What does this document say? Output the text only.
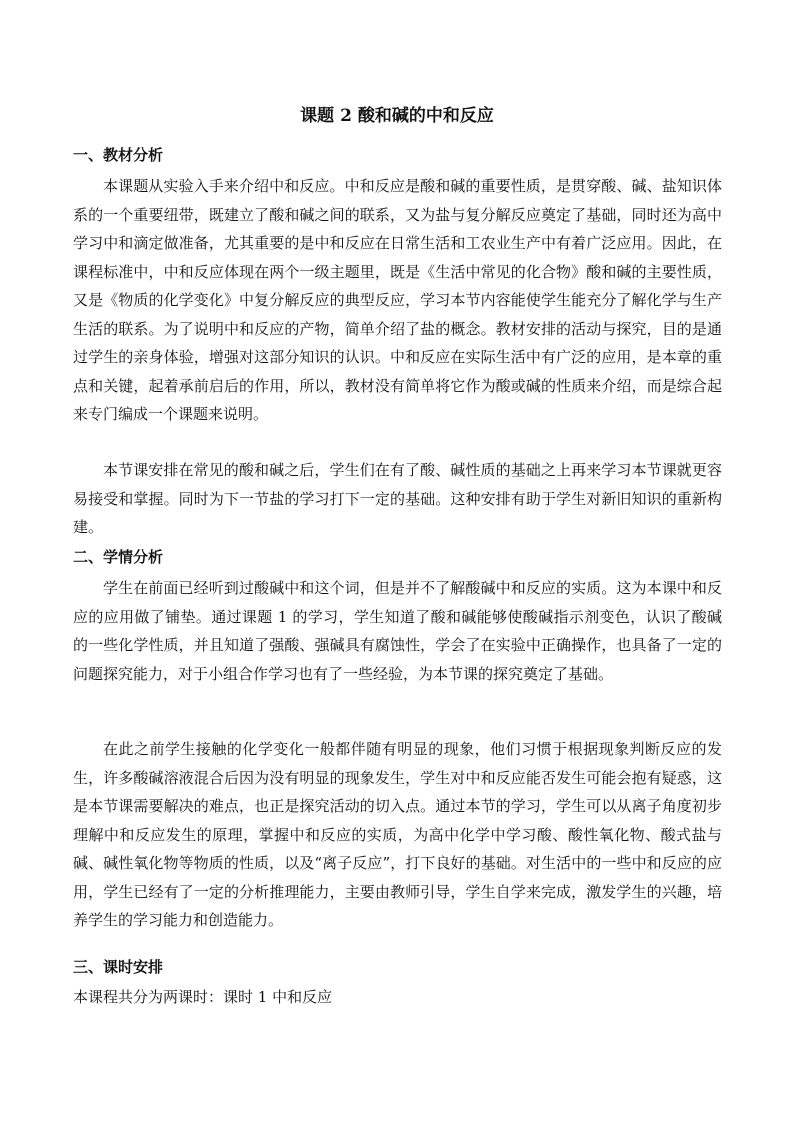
课题 2 酸和碱的中和反应
一、教材分析

本课题从实验入手来介绍中和反应。中和反应是酸和碱的重要性质，是贯穿酸、碱、盐知识体系的一个重要纽带，既建立了酸和碱之间的联系，又为盐与复分解反应奠定了基础，同时还为高中学习中和滴定做准备，尤其重要的是中和反应在日常生活和工农业生产中有着广泛应用。因此，在课程标准中，中和反应体现在两个一级主题里，既是《生活中常见的化合物》酸和碱的主要性质，又是《物质的化学变化》中复分解反应的典型反应，学习本节内容能使学生能充分了解化学与生产生活的联系。为了说明中和反应的产物，简单介绍了盐的概念。教材安排的活动与探究，目的是通过学生的亲身体验，增强对这部分知识的认识。中和反应在实际生活中有广泛的应用，是本章的重点和关键，起着承前启后的作用，所以，教材没有简单将它作为酸或碱的性质来介绍，而是综合起来专门编成一个课题来说明。

本节课安排在常见的酸和碱之后，学生们在有了酸、碱性质的基础之上再来学习本节课就更容易接受和掌握。同时为下一节盐的学习打下一定的基础。这种安排有助于学生对新旧知识的重新构建。

二、学情分析

学生在前面已经听到过酸碱中和这个词，但是并不了解酸碱中和反应的实质。这为本课中和反应的应用做了铺垫。通过课题 1 的学习，学生知道了酸和碱能够使酸碱指示剂变色，认识了酸碱的一些化学性质，并且知道了强酸、强碱具有腐蚀性，学会了在实验中正确操作，也具备了一定的问题探究能力，对于小组合作学习也有了一些经验，为本节课的探究奠定了基础。

在此之前学生接触的化学变化一般都伴随有明显的现象，他们习惯于根据现象判断反应的发生，许多酸碱溶液混合后因为没有明显的现象发生，学生对中和反应能否发生可能会抱有疑惑，这是本节课需要解决的难点，也正是探究活动的切入点。通过本节的学习，学生可以从离子角度初步理解中和反应发生的原理，掌握中和反应的实质，为高中化学中学习酸、酸性氧化物、酸式盐与碱、碱性氧化物等物质的性质，以及“离子反应”，打下良好的基础。对生活中的一些中和反应的应用，学生已经有了一定的分析推理能力，主要由教师引导，学生自学来完成，激发学生的兴趣，培养学生的学习能力和创造能力。

三、课时安排

本课程共分为两课时：课时 1 中和反应
